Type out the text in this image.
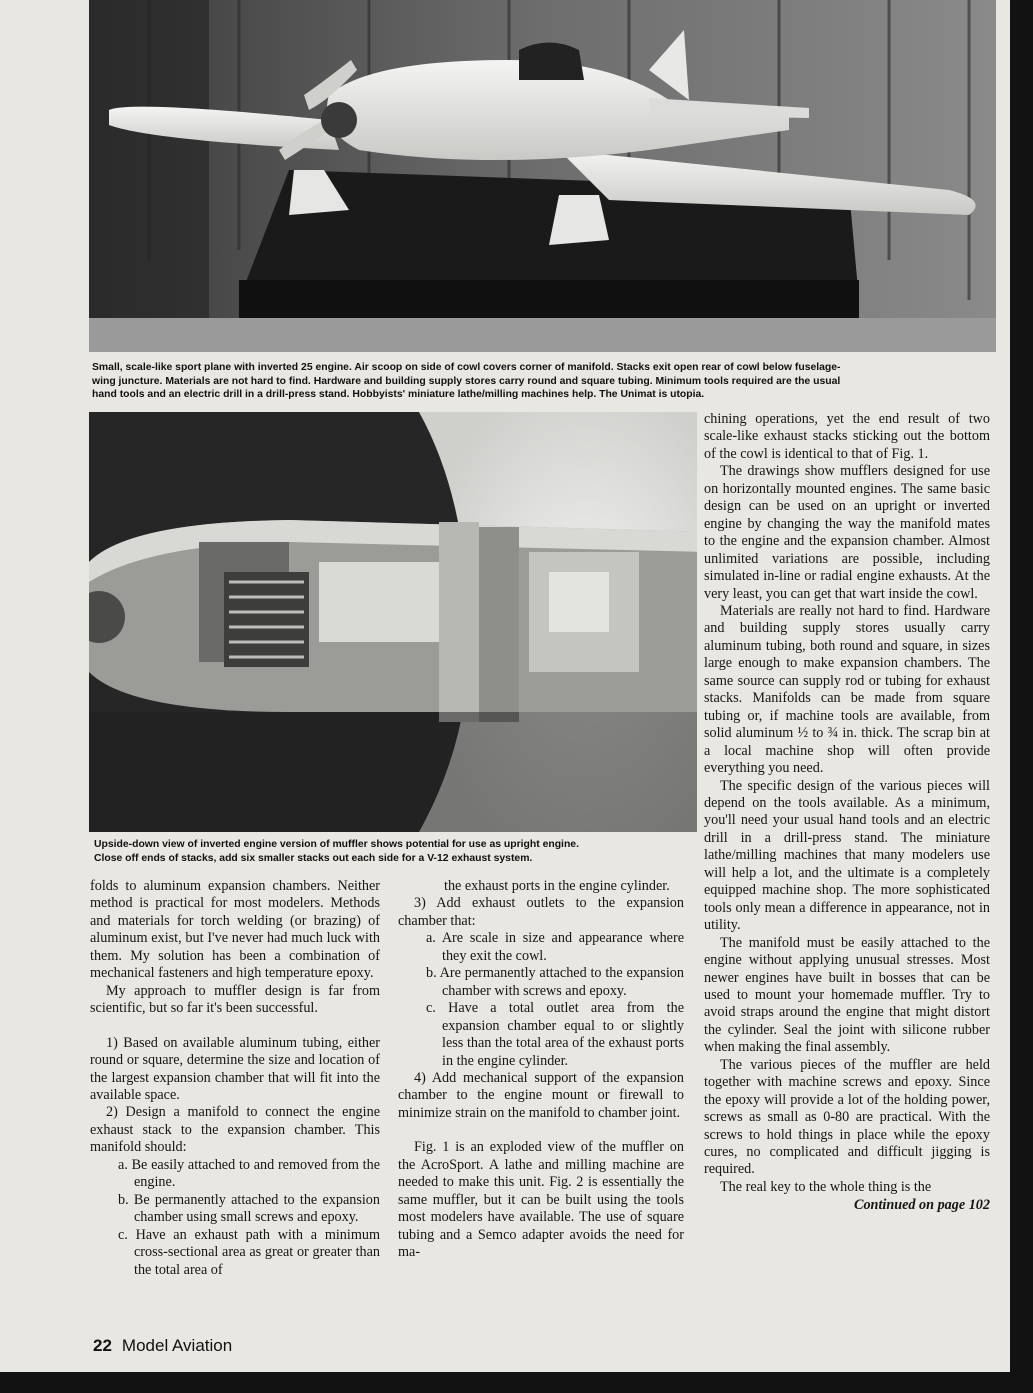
Small, scale-like sport plane with inverted 25 engine. Air scoop on side of cowl covers corner of manifold. Stacks exit open rear of cowl below fuselage-

wing juncture. Materials are not hard to find. Hardware and building supply stores carry round and square tubing. Minimum tools required are the usual

hand tools and an electric drill in a drill-press stand. Hobbyists' miniature lathe/milling machines help. The Unimat is utopia.

Upside-down view of inverted engine version of muffler shows potential for use as upright engine.

Close off ends of stacks, add six smaller stacks out each side for a V-12 exhaust system.

folds to aluminum expansion chambers. Neither method is practical for most modelers. Methods and materials for torch welding (or brazing) of aluminum exist, but I've never had much luck with them. My solution has been a combination of mechanical fasteners and high temperature epoxy.

My approach to muffler design is far from scientific, but so far it's been successful.

1) Based on available aluminum tubing, either round or square, determine the size and location of the largest expansion chamber that will fit into the available space.

2) Design a manifold to connect the engine exhaust stack to the expansion chamber. This manifold should:

a. Be easily attached to and removed from the engine.

b. Be permanently attached to the expansion chamber using small screws and epoxy.

c. Have an exhaust path with a minimum cross-sectional area as great or greater than the total area of

the exhaust ports in the engine cylinder.

3) Add exhaust outlets to the expansion chamber that:

a. Are scale in size and appearance where they exit the cowl.

b. Are permanently attached to the expansion chamber with screws and epoxy.

c. Have a total outlet area from the expansion chamber equal to or slightly less than the total area of the exhaust ports in the engine cylinder.

4) Add mechanical support of the expansion chamber to the engine mount or firewall to minimize strain on the manifold to chamber joint.

Fig. 1 is an exploded view of the muffler on the AcroSport. A lathe and milling machine are needed to make this unit. Fig. 2 is essentially the same muffler, but it can be built using the tools most modelers have available. The use of square tubing and a Semco adapter avoids the need for ma-

chining operations, yet the end result of two scale-like exhaust stacks sticking out the bottom of the cowl is identical to that of Fig. 1.

The drawings show mufflers designed for use on horizontally mounted engines. The same basic design can be used on an upright or inverted engine by changing the way the manifold mates to the engine and the expansion chamber. Almost unlimited variations are possible, including simulated in-line or radial engine exhausts. At the very least, you can get that wart inside the cowl.

Materials are really not hard to find. Hardware and building supply stores usually carry aluminum tubing, both round and square, in sizes large enough to make expansion chambers. The same source can supply rod or tubing for exhaust stacks. Manifolds can be made from square tubing or, if machine tools are available, from solid aluminum ½ to ¾ in. thick. The scrap bin at a local machine shop will often provide everything you need.

The specific design of the various pieces will depend on the tools available. As a minimum, you'll need your usual hand tools and an electric drill in a drill-press stand. The miniature lathe/milling machines that many modelers use will help a lot, and the ultimate is a completely equipped machine shop. The more sophisticated tools only mean a difference in appearance, not in utility.

The manifold must be easily attached to the engine without applying unusual stresses. Most newer engines have built in bosses that can be used to mount your homemade muffler. Try to avoid straps around the engine that might distort the cylinder. Seal the joint with silicone rubber when making the final assembly.

The various pieces of the muffler are held together with machine screws and epoxy. Since the epoxy will provide a lot of the holding power, screws as small as 0-80 are practical. With the screws to hold things in place while the epoxy cures, no complicated and difficult jigging is required.

The real key to the whole thing is the

Continued on page 102

22 Model Aviation
